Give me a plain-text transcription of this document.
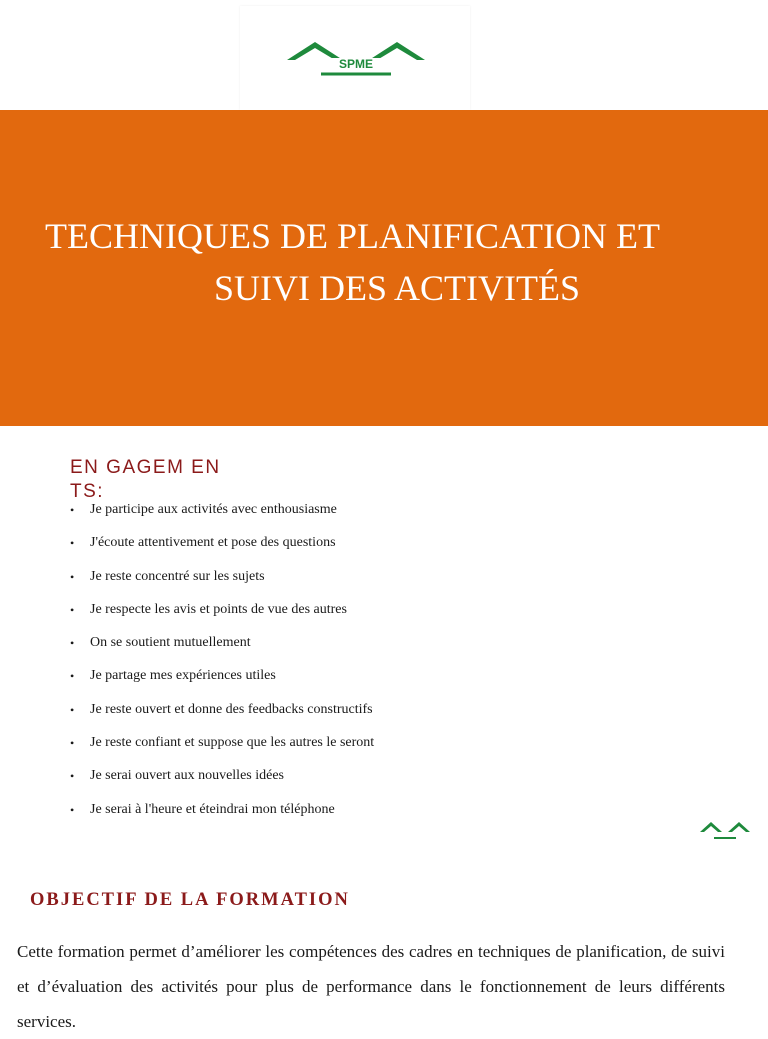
SPME
TECHNIQUES DE PLANIFICATION ET
SUIVI DES ACTIVITÉS
EN GAGEM EN TS:
• Je participe aux activités avec enthousiasme
• J'écoute attentivement et pose des questions
• Je reste concentré sur les sujets
• Je respecte les avis et points de vue des autres
• On se soutient mutuellement
• Je partage mes expériences utiles
• Je reste ouvert et donne des feedbacks constructifs
• Je reste confiant et suppose que les autres le seront
• Je serai ouvert aux nouvelles idées
• Je serai à l'heure et éteindrai mon téléphone
OBJECTIF DE LA FORMATION

Cette formation permet d’améliorer les compétences des cadres en techniques de planification, de suivi et d’évaluation des activités pour plus de performance dans le fonctionnement de leurs différents services.
